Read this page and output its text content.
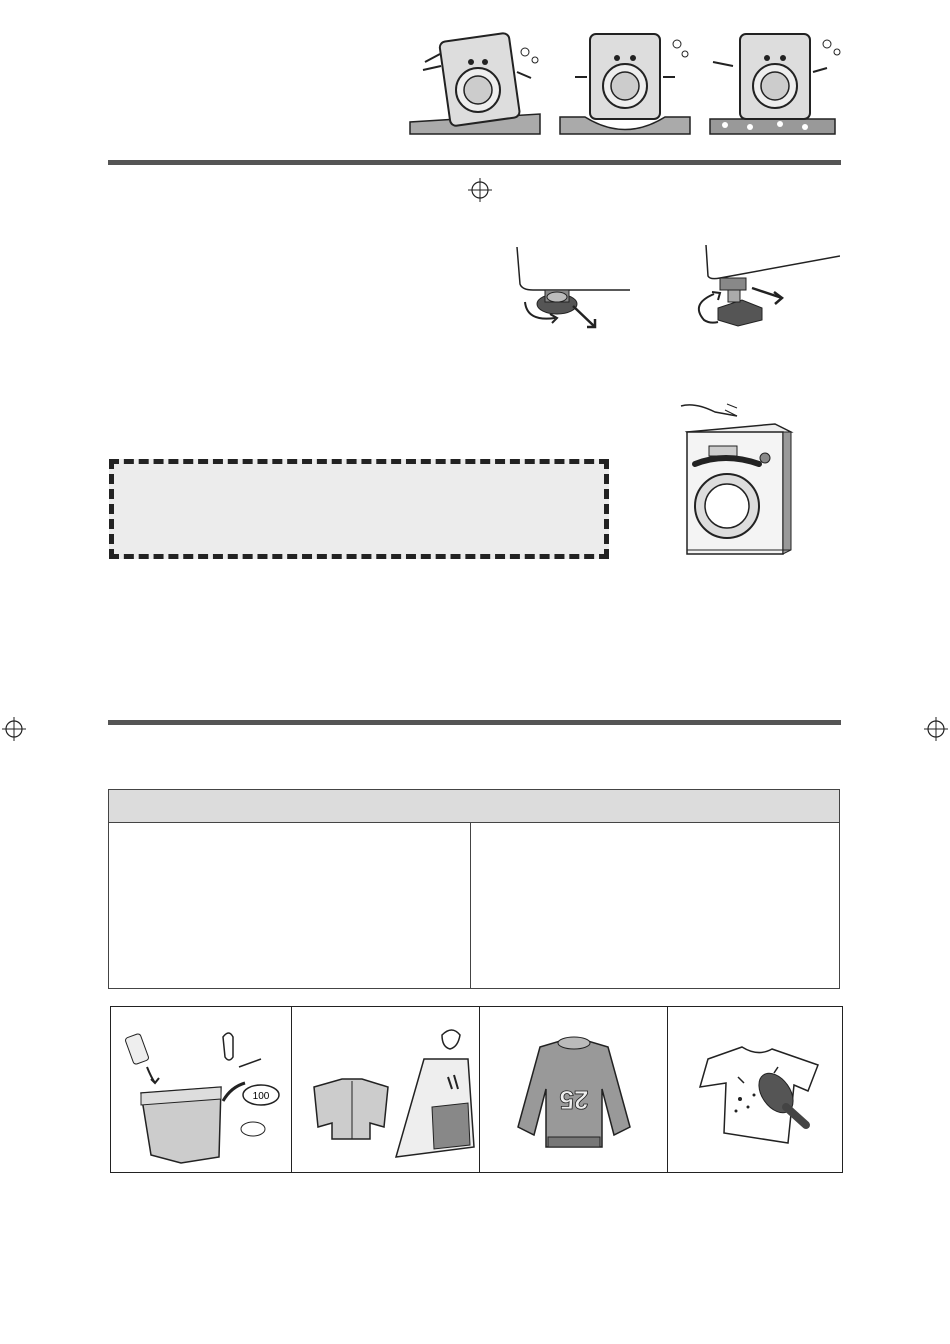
100	25
